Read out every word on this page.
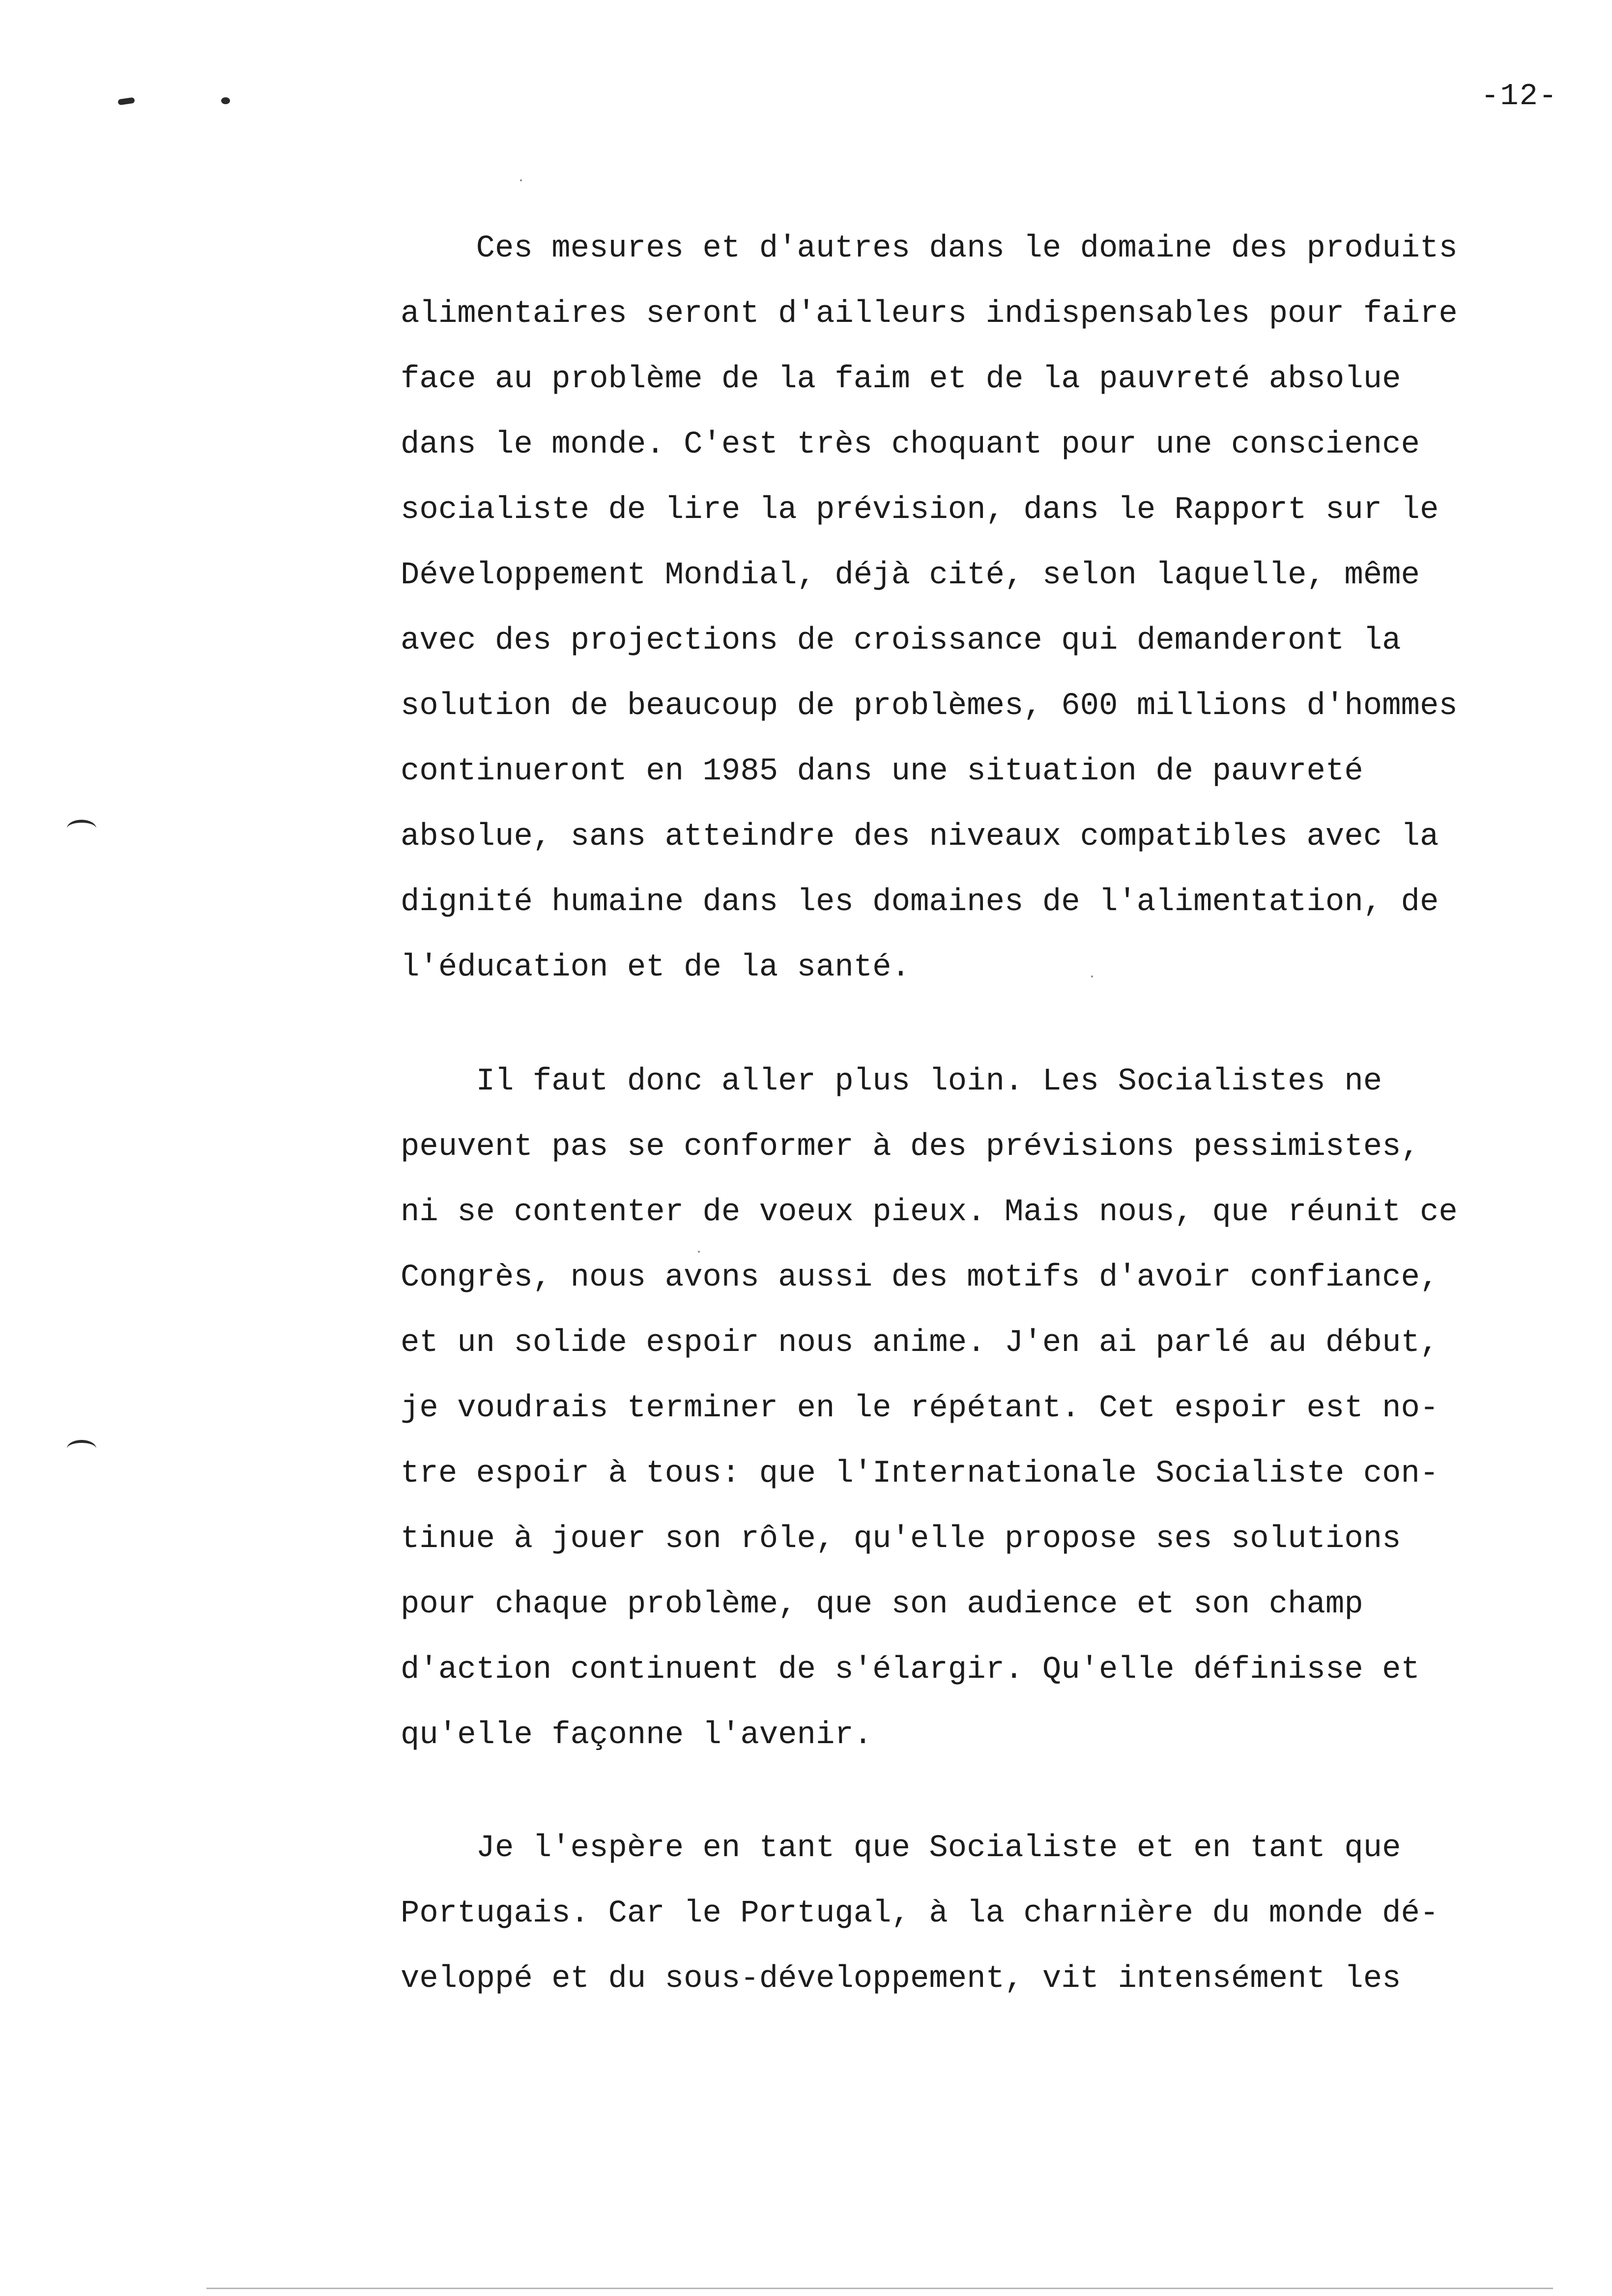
-12-

Ces mesures et d'autres dans le domaine des produits
alimentaires seront d'ailleurs indispensables pour faire
face au problème de la faim et de la pauvreté absolue
dans le monde. C'est très choquant pour une conscience
socialiste de lire la prévision, dans le Rapport sur le
Développement Mondial, déjà cité, selon laquelle, même
avec des projections de croissance qui demanderont la
solution de beaucoup de problèmes, 600 millions d'hommes
continueront en 1985 dans une situation de pauvreté
absolue, sans atteindre des niveaux compatibles avec la
dignité humaine dans les domaines de l'alimentation, de
l'éducation et de la santé.

Il faut donc aller plus loin. Les Socialistes ne
peuvent pas se conformer à des prévisions pessimistes,
ni se contenter de voeux pieux. Mais nous, que réunit ce
Congrès, nous avons aussi des motifs d'avoir confiance,
et un solide espoir nous anime. J'en ai parlé au début,
je voudrais terminer en le répétant. Cet espoir est no-
tre espoir à tous: que l'Internationale Socialiste con-
tinue à jouer son rôle, qu'elle propose ses solutions
pour chaque problème, que son audience et son champ
d'action continuent de s'élargir. Qu'elle définisse et
qu'elle façonne l'avenir.

Je l'espère en tant que Socialiste et en tant que
Portugais. Car le Portugal, à la charnière du monde dé-
veloppé et du sous-développement, vit intensément les
